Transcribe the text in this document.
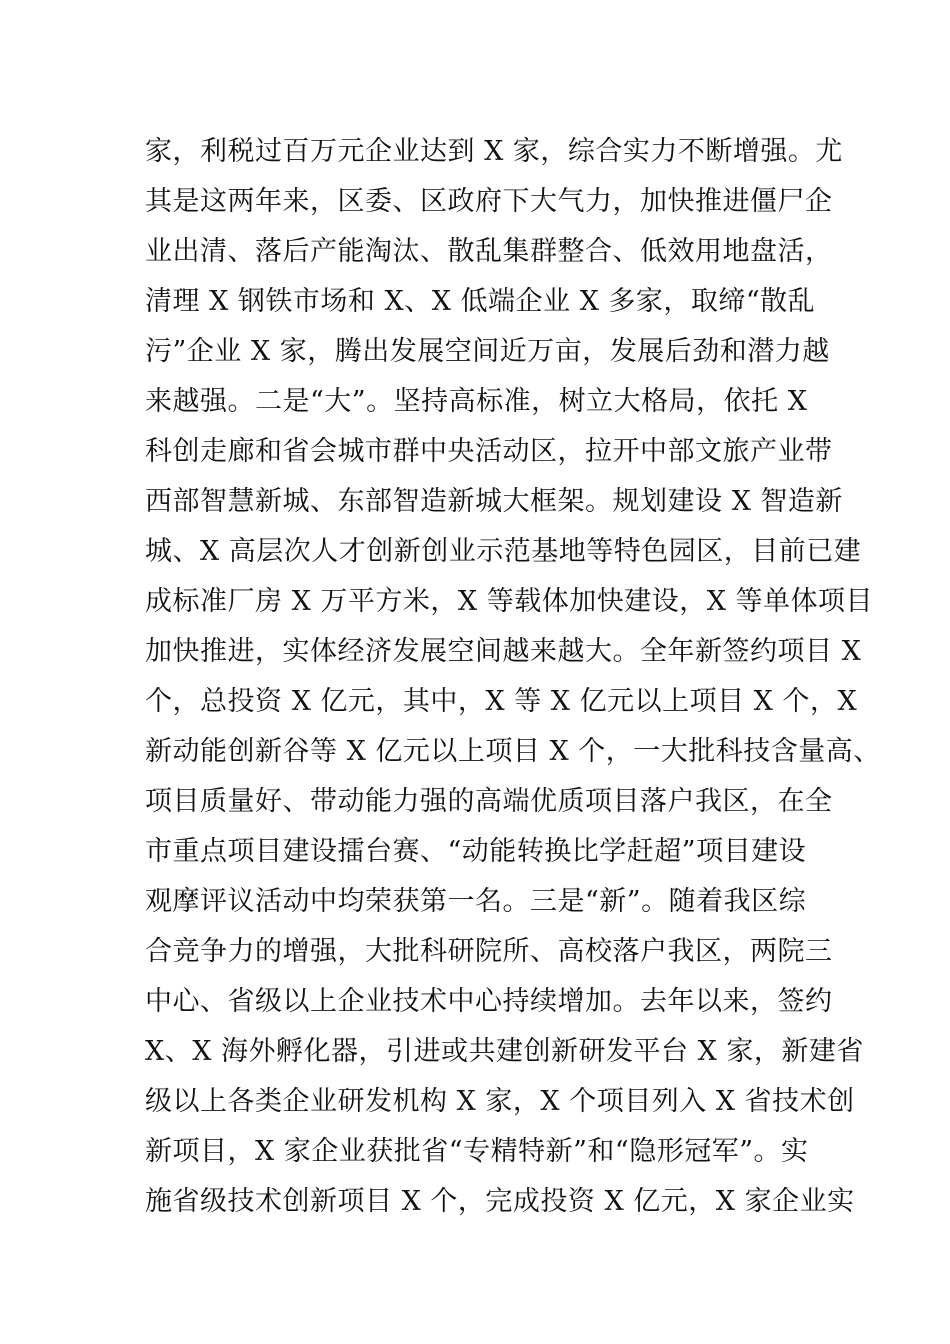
家，利税过百万元企业达到 X 家，综合实力不断增强。尤
其是这两年来，区委、区政府下大气力，加快推进僵尸企
业出清、落后产能淘汰、散乱集群整合、低效用地盘活，
清理 X 钢铁市场和 X、X 低端企业 X 多家，取缔“散乱
污”企业 X 家，腾出发展空间近万亩，发展后劲和潜力越
来越强。二是“大”。坚持高标准，树立大格局，依托 X
科创走廊和省会城市群中央活动区，拉开中部文旅产业带
西部智慧新城、东部智造新城大框架。规划建设 X 智造新
城、X 高层次人才创新创业示范基地等特色园区，目前已建
成标准厂房 X 万平方米，X 等载体加快建设，X 等单体项目
加快推进，实体经济发展空间越来越大。全年新签约项目 X
个，总投资 X 亿元，其中，X 等 X 亿元以上项目 X 个，X
新动能创新谷等 X 亿元以上项目 X 个，一大批科技含量高、
项目质量好、带动能力强的高端优质项目落户我区，在全
市重点项目建设擂台赛、“动能转换比学赶超”项目建设
观摩评议活动中均荣获第一名。三是“新”。随着我区综
合竞争力的增强，大批科研院所、高校落户我区，两院三
中心、省级以上企业技术中心持续增加。去年以来，签约
X、X 海外孵化器，引进或共建创新研发平台 X 家，新建省
级以上各类企业研发机构 X 家，X 个项目列入 X 省技术创
新项目，X 家企业获批省“专精特新”和“隐形冠军”。实
施省级技术创新项目 X 个，完成投资 X 亿元，X 家企业实
